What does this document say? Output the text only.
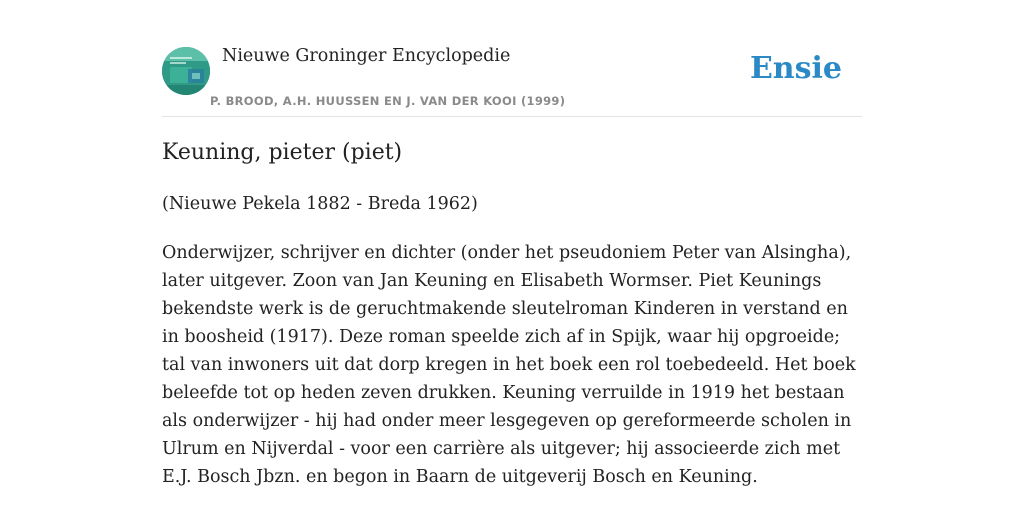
Nieuwe Groninger Encyclopedie
P. BROOD, A.H. HUUSSEN EN J. VAN DER KOOI (1999)
Ensie
Keuning, pieter (piet)

(Nieuwe Pekela 1882 - Breda 1962)

Onderwijzer, schrijver en dichter (onder het pseudoniem Peter van Alsingha), later uitgever. Zoon van Jan Keuning en Elisabeth Wormser. Piet Keunings bekendste werk is de geruchtmakende sleutelroman Kinderen in verstand en in boosheid (1917). Deze roman speelde zich af in Spijk, waar hij opgroeide; tal van inwoners uit dat dorp kregen in het boek een rol toebedeeld. Het boek beleefde tot op heden zeven drukken. Keuning verruilde in 1919 het bestaan als onderwijzer - hij had onder meer lesgegeven op gereformeerde scholen in Ulrum en Nijverdal - voor een carrière als uitgever; hij associeerde zich met E.J. Bosch Jbzn. en begon in Baarn de uitgeverij Bosch en Keuning.
